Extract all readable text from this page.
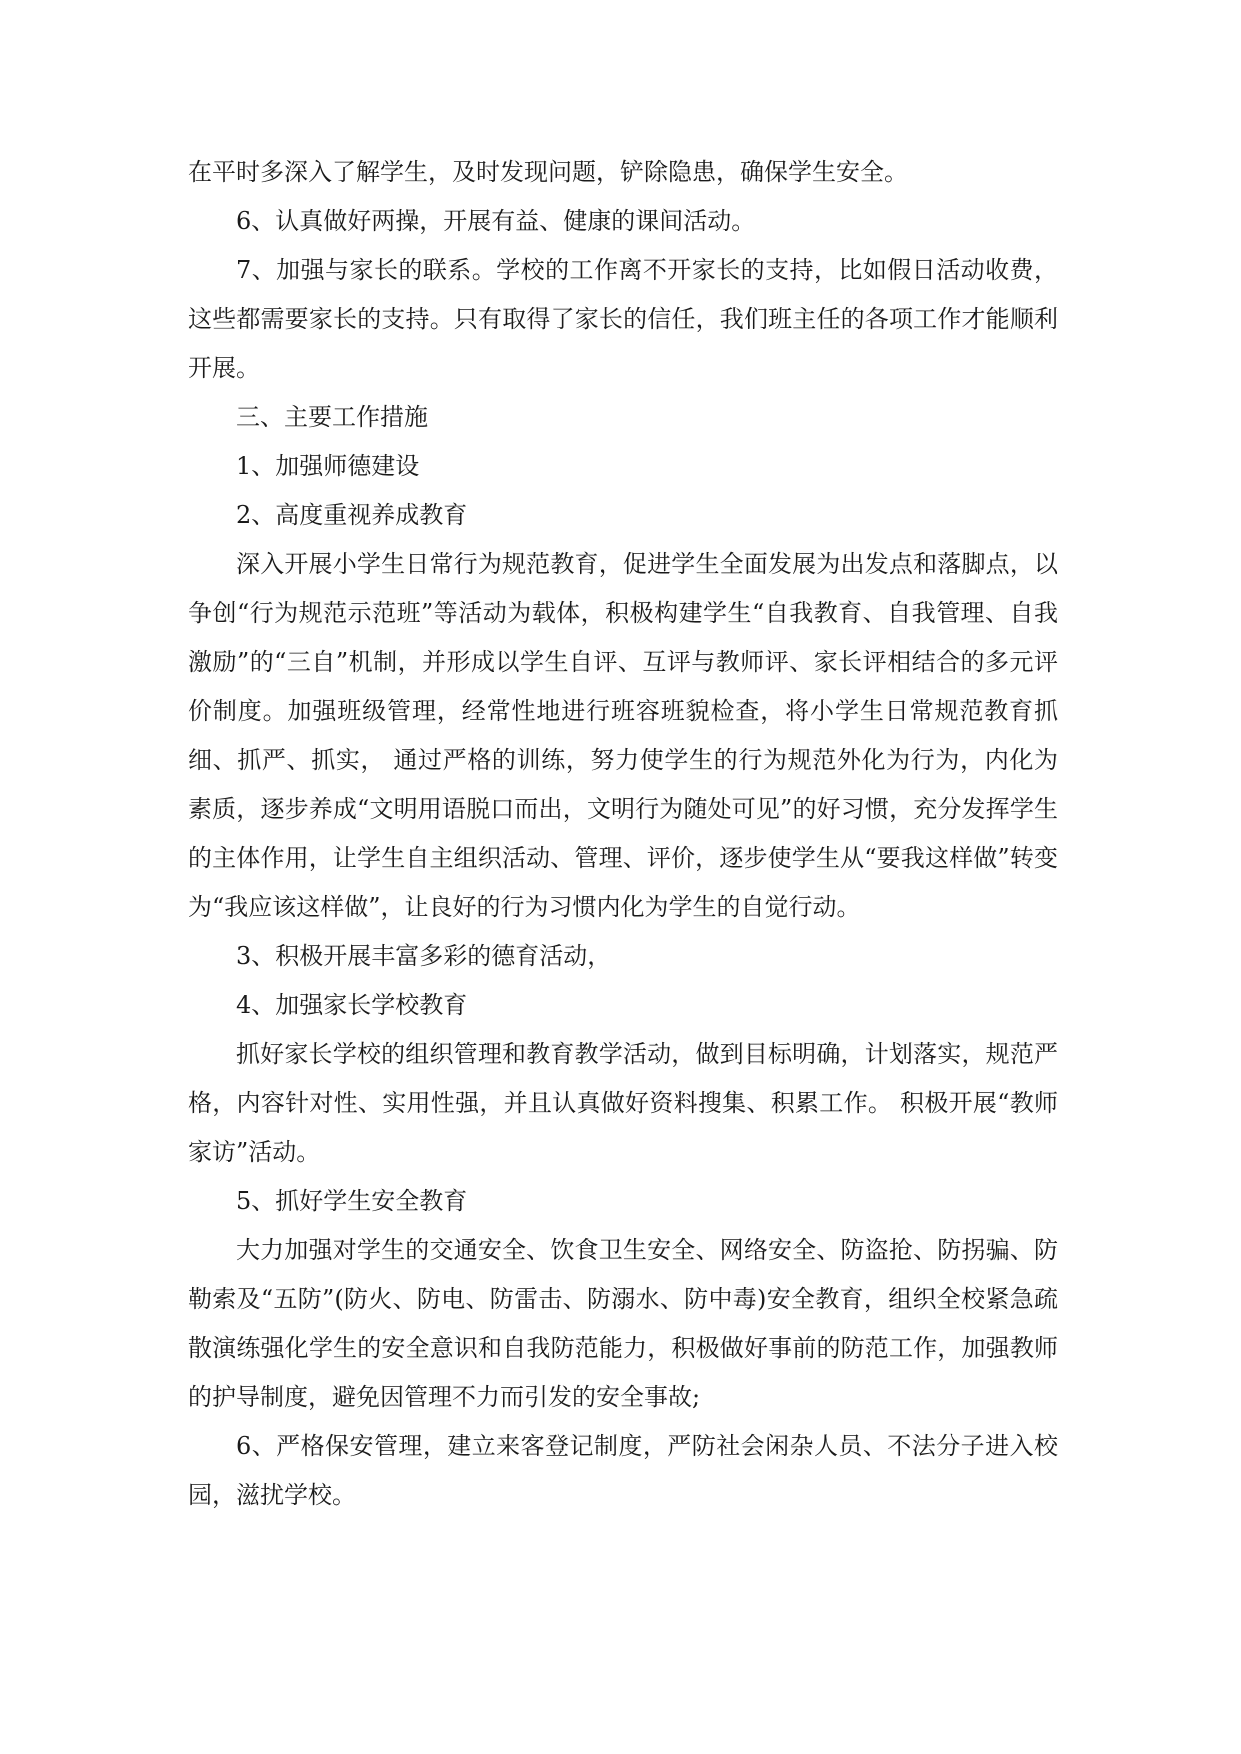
在平时多深入了解学生，及时发现问题，铲除隐患，确保学生安全。

6、认真做好两操，开展有益、健康的课间活动。

7、加强与家长的联系。学校的工作离不开家长的支持，比如假日活动收费，这些都需要家长的支持。只有取得了家长的信任，我们班主任的各项工作才能顺利开展。

三、主要工作措施

1、加强师德建设

2、高度重视养成教育

深入开展小学生日常行为规范教育，促进学生全面发展为出发点和落脚点，以争创“行为规范示范班”等活动为载体，积极构建学生“自我教育、自我管理、自我激励”的“三自”机制，并形成以学生自评、互评与教师评、家长评相结合的多元评价制度。加强班级管理，经常性地进行班容班貌检查，将小学生日常规范教育抓细、抓严、抓实， 通过严格的训练，努力使学生的行为规范外化为行为，内化为素质，逐步养成“文明用语脱口而出，文明行为随处可见”的好习惯，充分发挥学生的主体作用，让学生自主组织活动、管理、评价，逐步使学生从“要我这样做”转变为“我应该这样做”，让良好的行为习惯内化为学生的自觉行动。

3、积极开展丰富多彩的德育活动，

4、加强家长学校教育

抓好家长学校的组织管理和教育教学活动，做到目标明确，计划落实，规范严格，内容针对性、实用性强，并且认真做好资料搜集、积累工作。 积极开展“教师家访”活动。

5、抓好学生安全教育

大力加强对学生的交通安全、饮食卫生安全、网络安全、防盗抢、防拐骗、防勒索及“五防”(防火、防电、防雷击、防溺水、防中毒)安全教育，组织全校紧急疏散演练强化学生的安全意识和自我防范能力，积极做好事前的防范工作，加强教师的护导制度，避免因管理不力而引发的安全事故;

6、严格保安管理，建立来客登记制度，严防社会闲杂人员、不法分子进入校园，滋扰学校。
